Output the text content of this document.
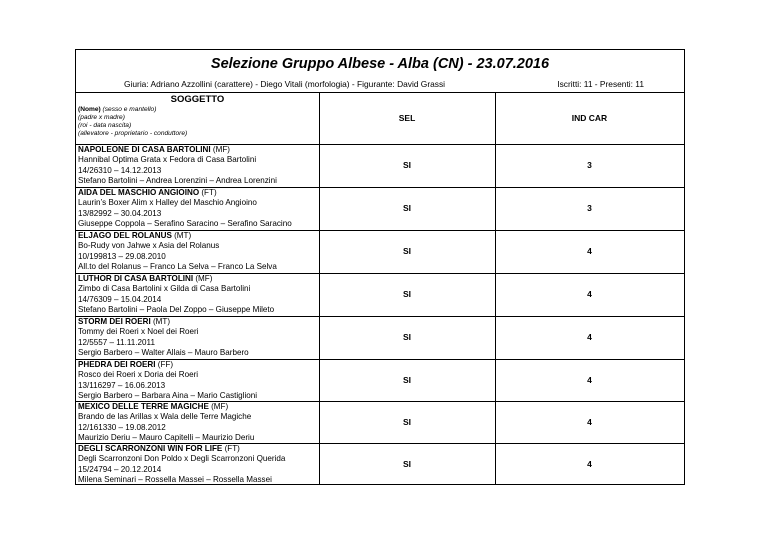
Selezione Gruppo Albese - Alba (CN) - 23.07.2016
Giuria: Adriano Azzollini (carattere) - Diego Vitali (morfologia) - Figurante: David Grassi	Iscritti: 11 - Presenti: 11
SOGGETTO
(Nome) (sesso e mantello)
(padre x madre)
(roi - data nascita)
(allevatore - proprietario - conduttore)
SEL	IND CAR
NAPOLEONE DI CASA BARTOLINI (MF)
Hannibal Optima Grata x Fedora di Casa Bartolini
14/26310 – 14.12.2013
Stefano Bartolini – Andrea Lorenzini – Andrea Lorenzini
SI	3
AIDA DEL MASCHIO ANGIOINO (FT)
Laurin’s Boxer Alim x Halley del Maschio Angioino
13/82992 – 30.04.2013
Giuseppe Coppola – Serafino Saracino – Serafino Saracino
SI	3
ELJAGO DEL ROLANUS (MT)
Bo-Rudy von Jahwe x Asia del Rolanus
10/199813 – 29.08.2010
All.to del Rolanus – Franco La Selva – Franco La Selva
SI	4
LUTHOR DI CASA BARTOLINI (MF)
Zimbo di Casa Bartolini x Gilda di Casa Bartolini
14/76309 – 15.04.2014
Stefano Bartolini – Paola Del Zoppo – Giuseppe Mileto
SI	4
STORM DEI ROERI (MT)
Tommy dei Roeri x Noel dei Roeri
12/5557 – 11.11.2011
Sergio Barbero – Walter Allais – Mauro Barbero
SI	4
PHEDRA DEI ROERI (FF)
Rosco dei Roeri x Doria dei Roeri
13/116297 – 16.06.2013
Sergio Barbero – Barbara Aina – Mario Castiglioni
SI	4
MEXICO DELLE TERRE MAGICHE (MF)
Brando de las Arillas x Wala delle Terre Magiche
12/161330 – 19.08.2012
Maurizio Deriu – Mauro Capitelli – Maurizio Deriu
SI	4
DEGLI SCARRONZONI WIN FOR LIFE (FT)
Degli Scarronzoni Don Poldo x Degli Scarronzoni Querida
15/24794 – 20.12.2014
Milena Seminari – Rossella Massei – Rossella Massei
SI	4
